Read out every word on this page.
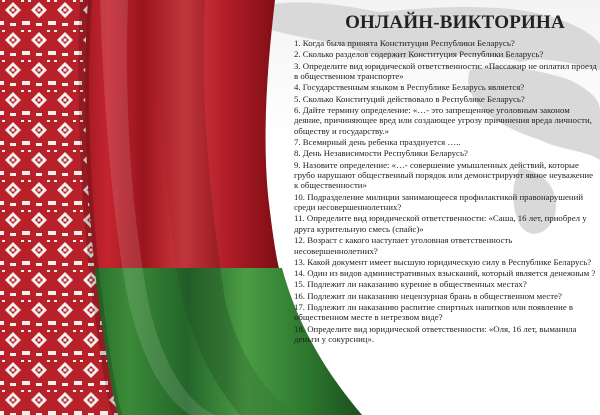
ОНЛАЙН-ВИКТОРИНА
1. Когда была принята Конституция Республики Беларусь?
2. Сколько разделов содержит Конституция Республики Беларусь?
3. Определите вид юридической ответственности: «Пассажир не оплатил проезд в общественном транспорте»
4. Государственным языком в Республике Беларусь является?
5. Сколько Конституций действовало в Республике Беларусь?
6. Дайте термину определение: «…- это запрещенное уголовным законом деяние, причиняющее вред или создающее угрозу причинения вреда личности, обществу и государству.»
7. Всемирный день ребенка празднуется …..
8. День Независимости Республики Беларусь?
9. Назовите определение: «…- совершение умышленных действий, которые грубо нарушают общественный порядок или демонстрируют явное неуважение к общественности»
10. Подразделение милиции занимающееся профилактикой правонарушений среди несовершеннолетних?
11. Определите вид юридической ответственности: «Саша, 16 лет, приобрел у друга курительную смесь (спайс)»
12. Возраст с какого наступает уголовная ответственность несовершеннолетних?
13. Какой документ имеет высшую юридическую силу в Республике Беларусь?
14. Один из видов административных взысканий, который является денежным ?
15. Подлежит ли наказанию курение в общественных местах?
16. Подлежит ли наказанию нецензурная брань в общественном месте?
17. Подлежит ли наказанию распитие спиртных напитков или появление в общественном месте в нетрезвом виде?
18. Определите вид юридической ответственности: «Оля, 16 лет, выманила деньги у сокурсниц».
